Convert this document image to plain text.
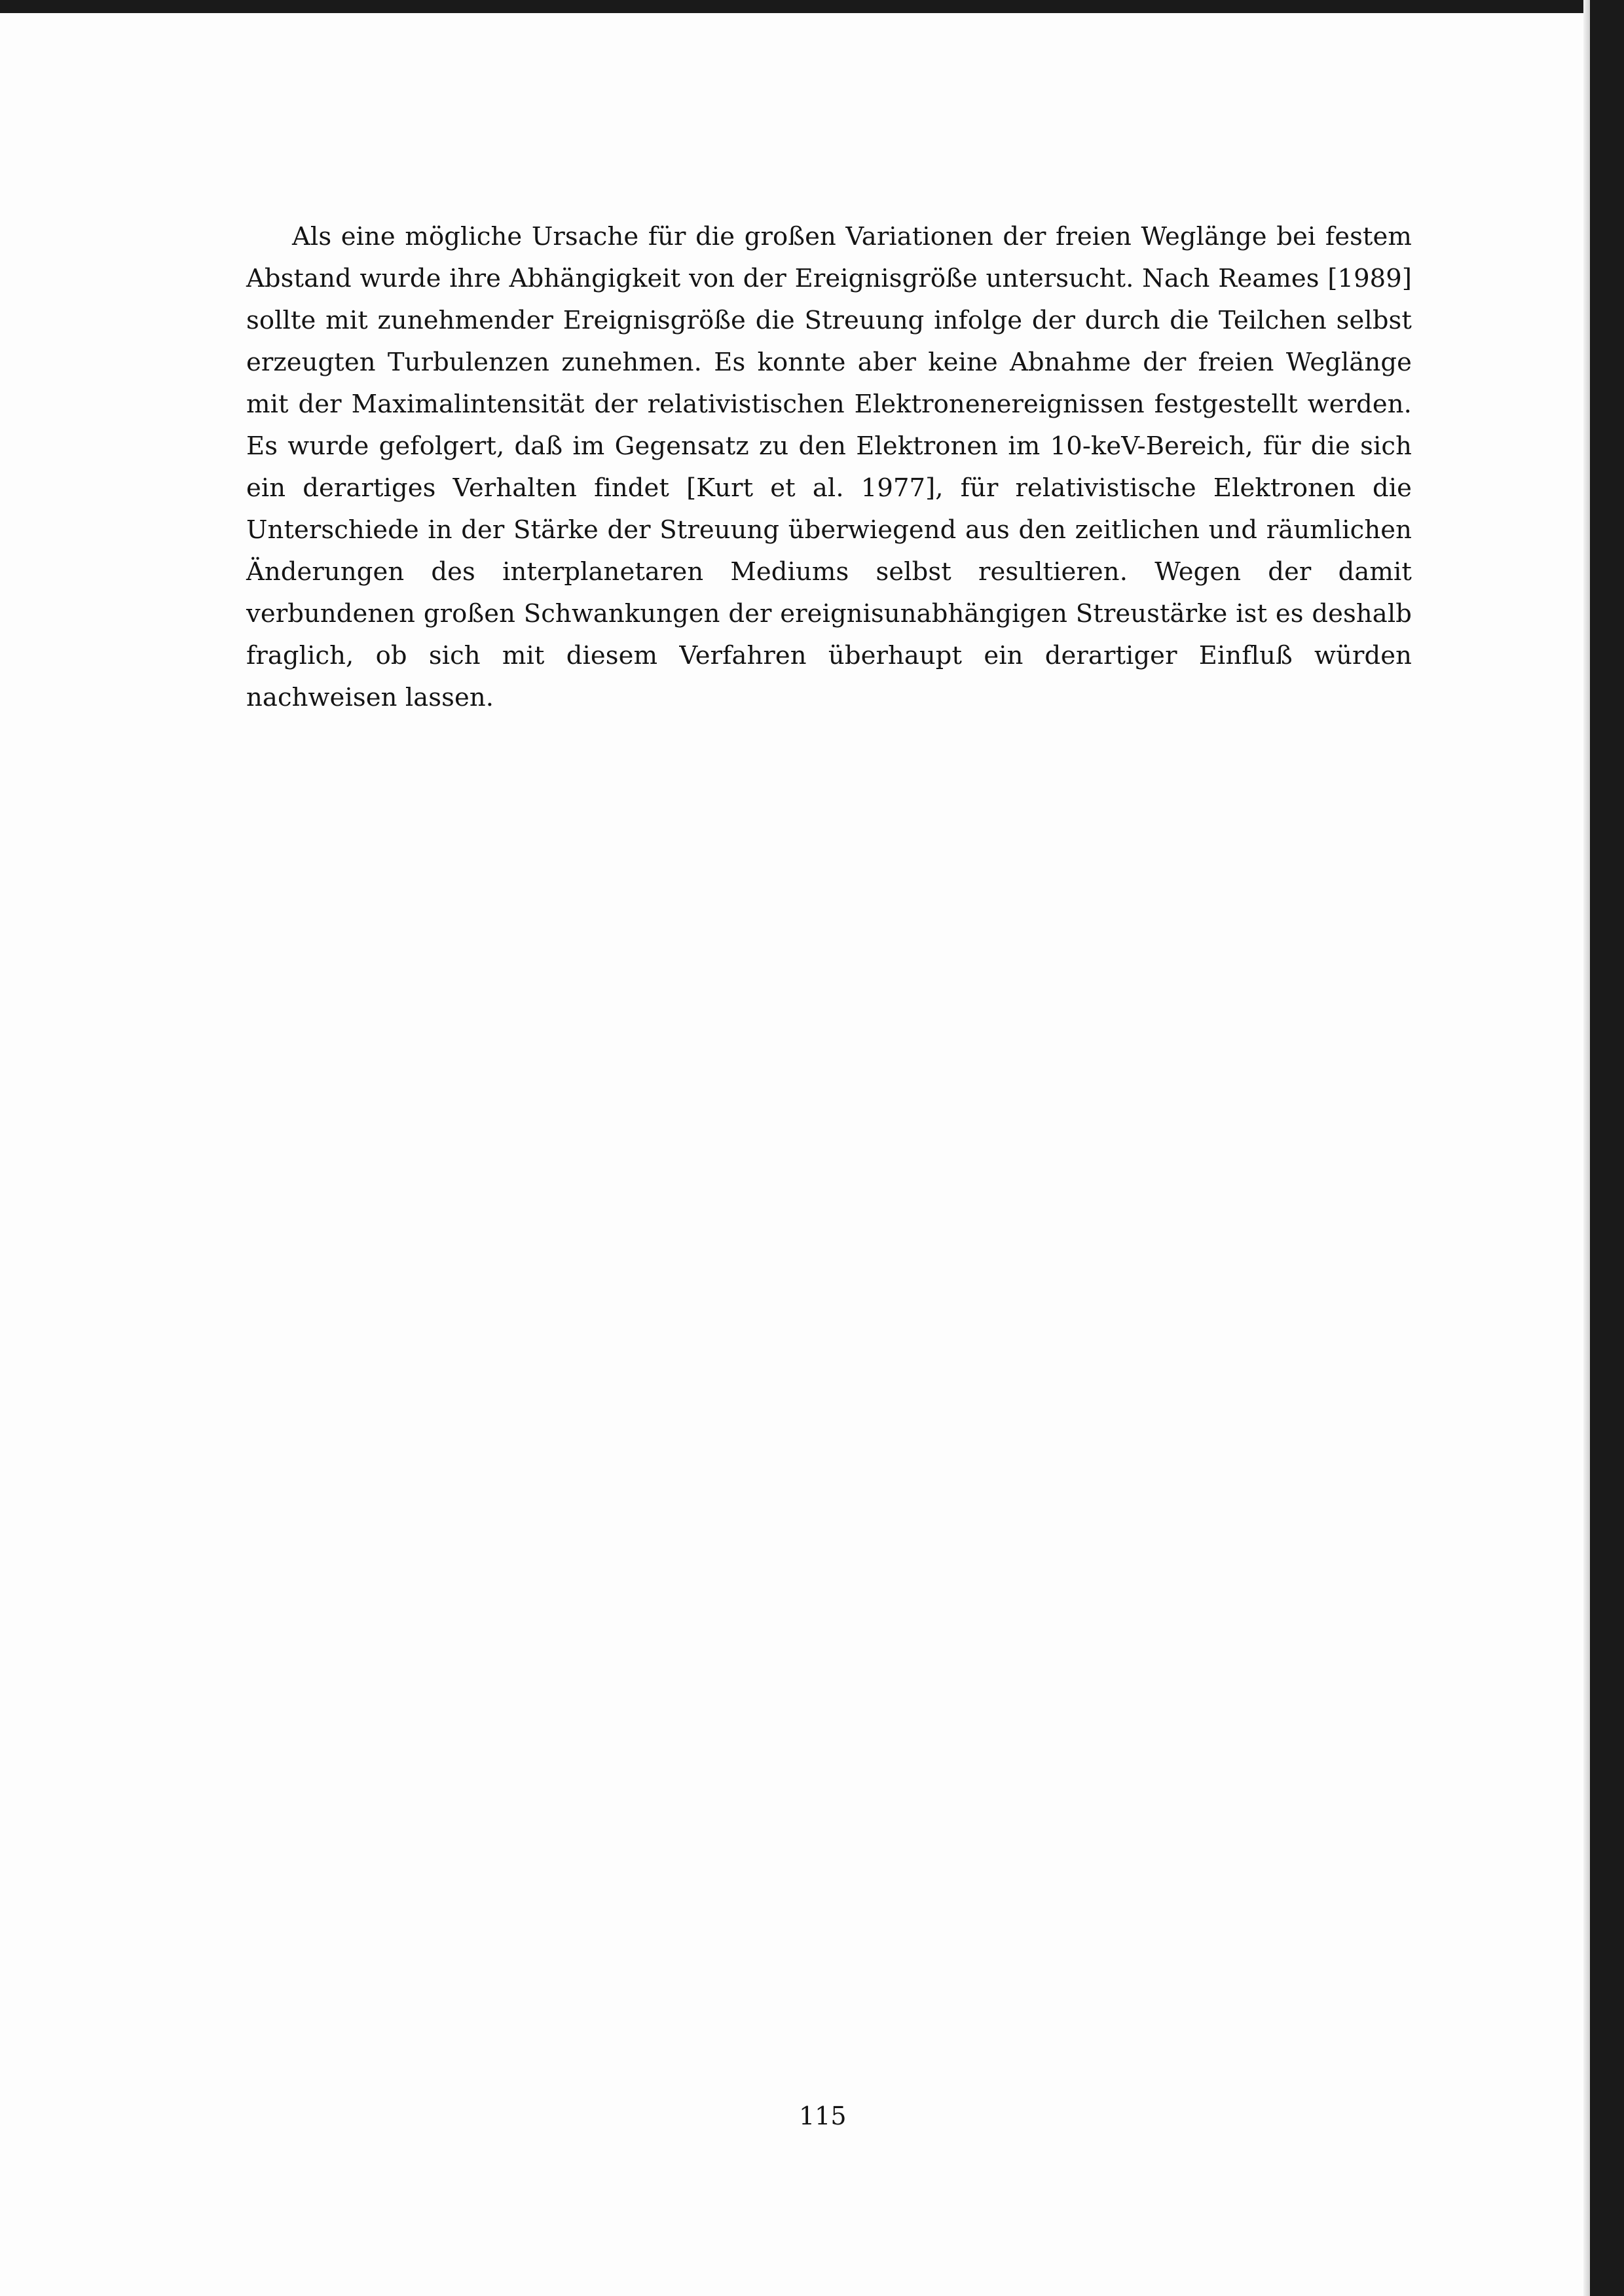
Als eine mögliche Ursache für die großen Variationen der freien Weglänge bei festem Abstand wurde ihre Abhängigkeit von der Ereignisgröße untersucht. Nach Reames [1989] sollte mit zunehmender Ereignisgröße die Streuung infolge der durch die Teilchen selbst erzeugten Turbulenzen zunehmen. Es konnte aber keine Abnahme der freien Weglänge mit der Maximalintensität der relativistischen Elektronenereignissen festgestellt werden. Es wurde gefolgert, daß im Gegensatz zu den Elektronen im 10-keV-Bereich, für die sich ein derartiges Verhalten findet [Kurt et al. 1977], für relativistische Elektronen die Unterschiede in der Stärke der Streuung überwiegend aus den zeitlichen und räumlichen Änderungen des interplanetaren Mediums selbst resultieren. Wegen der damit verbundenen großen Schwankungen der ereignisunabhängigen Streustärke ist es deshalb fraglich, ob sich mit diesem Verfahren überhaupt ein derartiger Einfluß würden nachweisen lassen.

115
